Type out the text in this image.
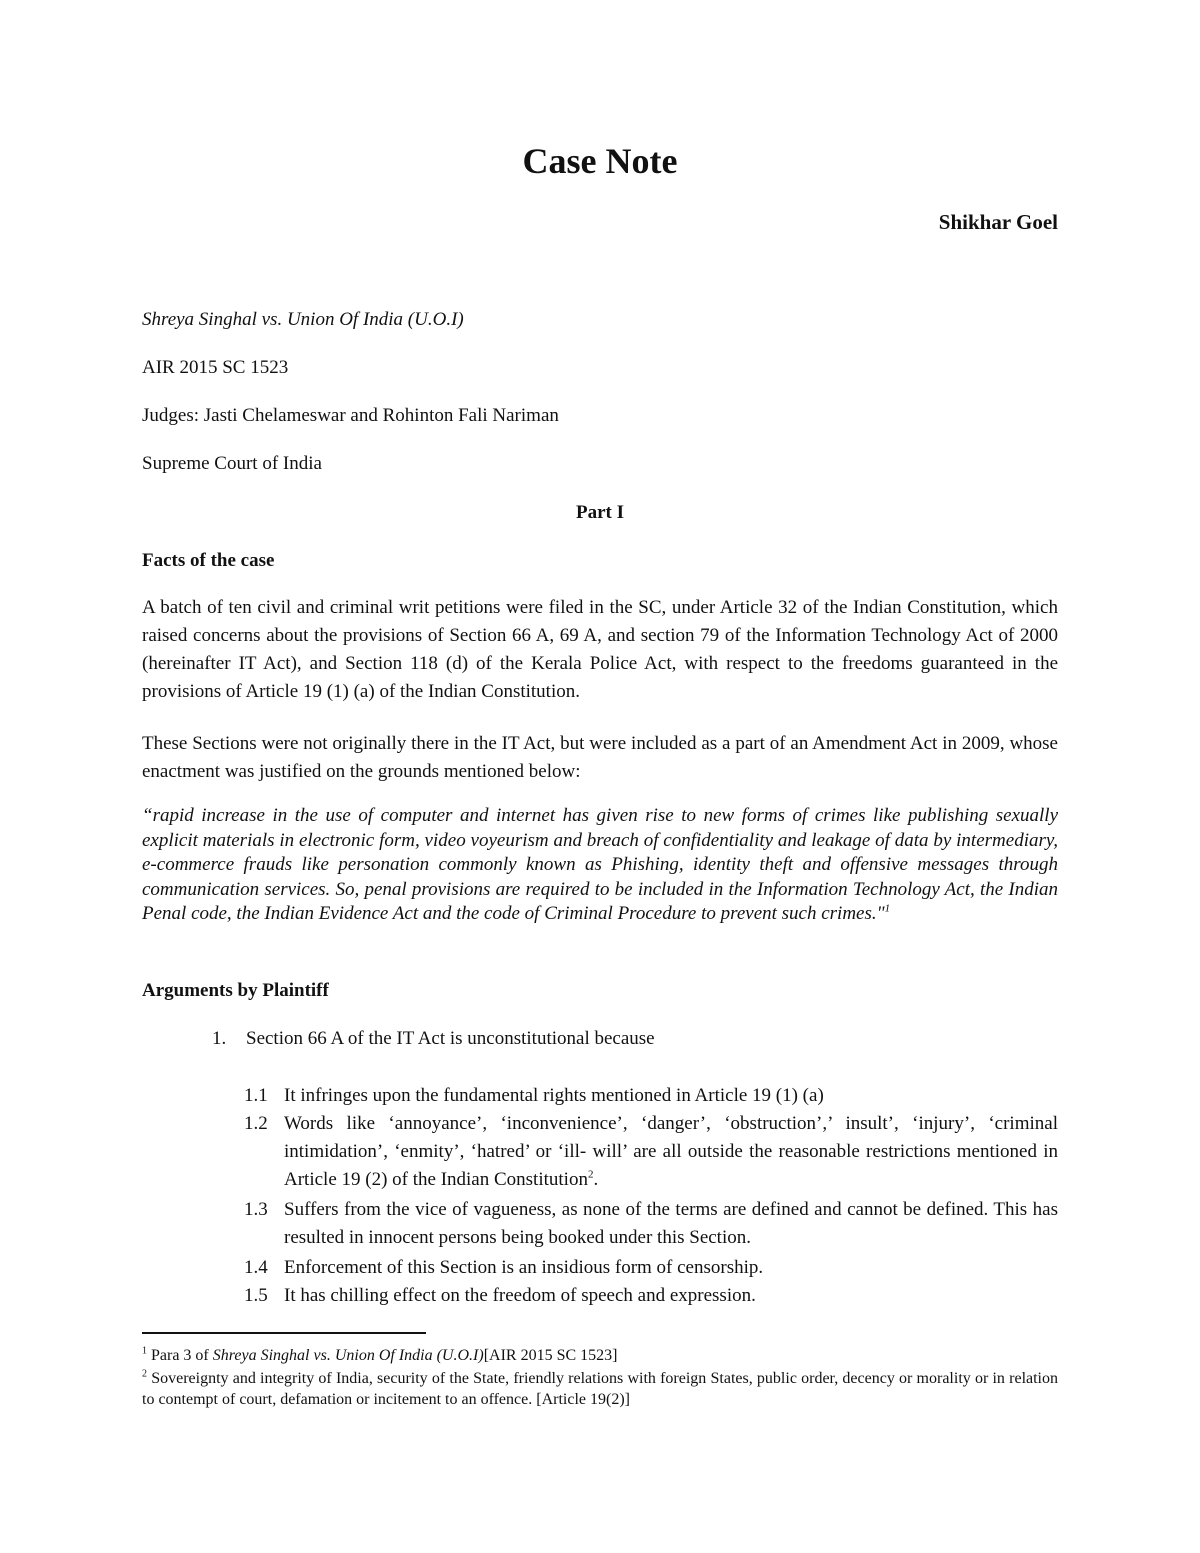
Case Note
Shikhar Goel
Shreya Singhal vs. Union Of India (U.O.I)
AIR 2015 SC 1523
Judges: Jasti Chelameswar and Rohinton Fali Nariman
Supreme Court of India
Part I
Facts of the case
A batch of ten civil and criminal writ petitions were filed in the SC, under Article 32 of the Indian Constitution, which raised concerns about the provisions of Section 66 A, 69 A, and section 79 of the Information Technology Act of 2000 (hereinafter IT Act), and Section 118 (d) of the Kerala Police Act, with respect to the freedoms guaranteed in the provisions of Article 19 (1) (a) of the Indian Constitution.
These Sections were not originally there in the IT Act, but were included as a part of an Amendment Act in 2009, whose enactment was justified on the grounds mentioned below:
“rapid increase in the use of computer and internet has given rise to new forms of crimes like publishing sexually explicit materials in electronic form, video voyeurism and breach of confidentiality and leakage of data by intermediary, e-commerce frauds like personation commonly known as Phishing, identity theft and offensive messages through communication services. So, penal provisions are required to be included in the Information Technology Act, the Indian Penal code, the Indian Evidence Act and the code of Criminal Procedure to prevent such crimes."$^1$
Arguments by Plaintiff
1. Section 66 A of the IT Act is unconstitutional because
1.1 It infringes upon the fundamental rights mentioned in Article 19 (1) (a)
1.2 Words like ‘annoyance’, ‘inconvenience’, ‘danger’, ‘obstruction’,’ insult’, ‘injury’, ‘criminal intimidation’, ‘enmity’, ‘hatred’ or ‘ill- will’ are all outside the reasonable restrictions mentioned in Article 19 (2) of the Indian Constitution$^2$.
1.3 Suffers from the vice of vagueness, as none of the terms are defined and cannot be defined. This has resulted in innocent persons being booked under this Section.
1.4 Enforcement of this Section is an insidious form of censorship.
1.5 It has chilling effect on the freedom of speech and expression.
$^1$ Para 3 of Shreya Singhal vs. Union Of India (U.O.I)[AIR 2015 SC 1523]
$^2$ Sovereignty and integrity of India, security of the State, friendly relations with foreign States, public order, decency or morality or in relation to contempt of court, defamation or incitement to an offence. [Article 19(2)]
